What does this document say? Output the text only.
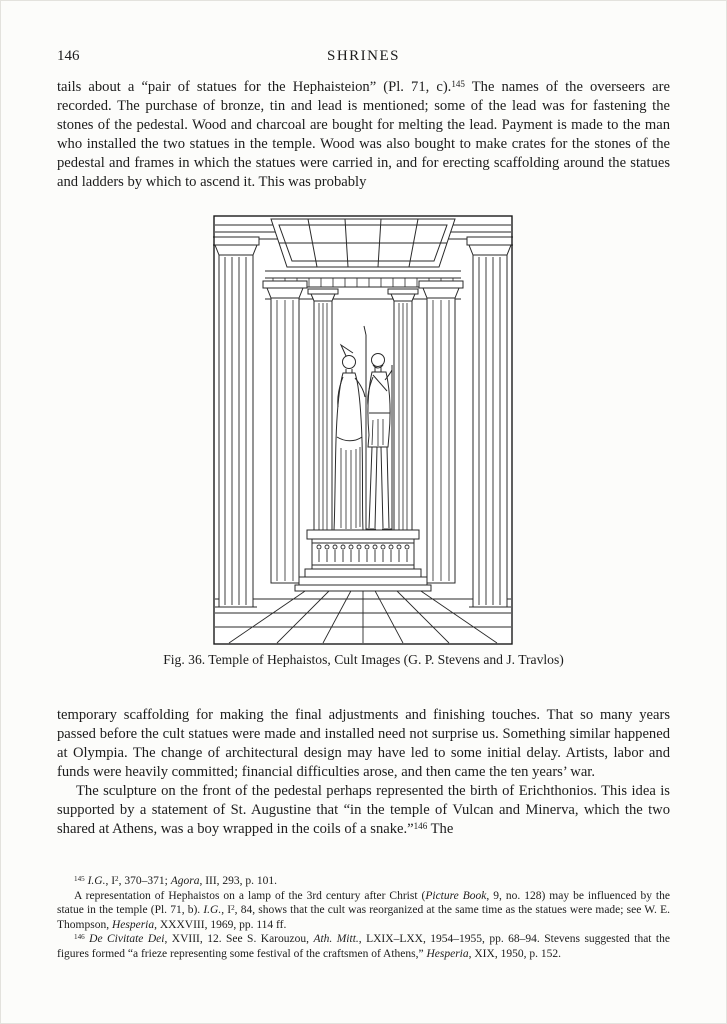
146	SHRINES

tails about a “pair of statues for the Hephaisteion” (Pl. 71, c).$^{145}$ The names of the overseers are recorded. The purchase of bronze, tin and lead is mentioned; some of the lead was for fastening the stones of the pedestal. Wood and charcoal are bought for melting the lead. Payment is made to the man who installed the two statues in the temple. Wood was also bought to make crates for the stones of the pedestal and frames in which the statues were carried in, and for erecting scaffolding around the statues and ladders by which to ascend it. This was probably

Fig. 36. Temple of Hephaistos, Cult Images (G. P. Stevens and J. Travlos)

temporary scaffolding for making the final adjustments and finishing touches. That so many years passed before the cult statues were made and installed need not surprise us. Something similar happened at Olympia. The change of architectural design may have led to some initial delay. Artists, labor and funds were heavily committed; financial difficulties arose, and then came the ten years’ war.

The sculpture on the front of the pedestal perhaps represented the birth of Erichthonios. This idea is supported by a statement of St. Augustine that “in the temple of Vulcan and Minerva, which the two shared at Athens, was a boy wrapped in the coils of a snake.”$^{146}$ The

$^{145}$ I.G., $I^2$, 370–371; Agora, III, 293, p. 101.

A representation of Hephaistos on a lamp of the 3rd century after Christ (Picture Book, 9, no. 128) may be influenced by the statue in the temple (Pl. 71, b). I.G., $I^2$, 84, shows that the cult was reorganized at the same time as the statues were made; see W. E. Thompson, Hesperia, XXXVIII, 1969, pp. 114 ff.

$^{146}$ De Civitate Dei, XVIII, 12. See S. Karouzou, Ath. Mitt., LXIX–LXX, 1954–1955, pp. 68–94. Stevens suggested that the figures formed “a frieze representing some festival of the craftsmen of Athens,” Hesperia, XIX, 1950, p. 152.
